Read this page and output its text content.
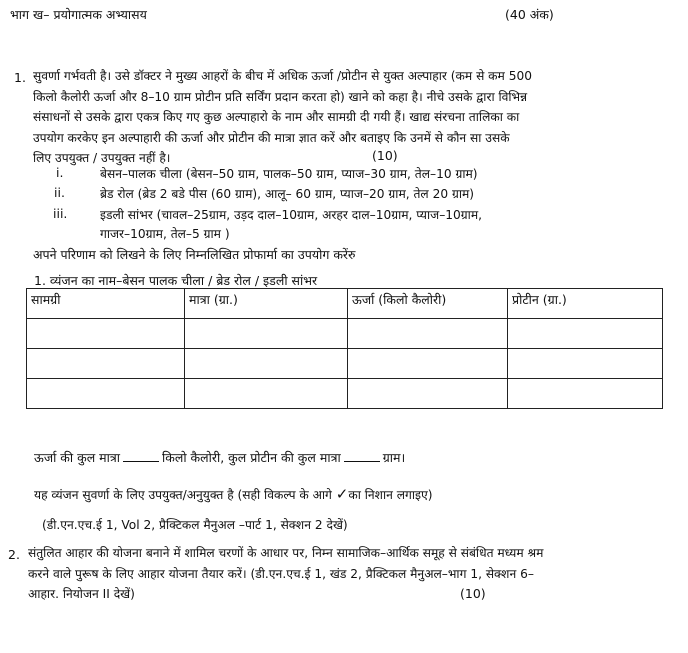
भाग ख– प्रयोगात्मक अभ्यासय	(40 अंक)
1. सुवर्णा गर्भवती है। उसे डॉक्टर ने मुख्य आहरों के बीच में अधिक ऊर्जा /प्रोटीन से युक्त अल्पाहार (कम से कम 500
किलो कैलोरी ऊर्जा और 8–10 ग्राम प्रोटीन प्रति सर्विंग प्रदान करता हो) खाने को कहा है। नीचे उसके द्वारा विभिन्न
संसाधनों से उसके द्वारा एकत्र किए गए कुछ अल्पाहारो के नाम और सामग्री दी गयी हैं। खाद्य संरचना तालिका का
उपयोग करकेए इन अल्पाहारी की ऊर्जा और प्रोटीन की मात्रा ज्ञात करें और बताइए कि उनमें से कौन सा उसके
लिए उपयुक्त / उपयुक्त नहीं है।	(10)
i.	बेसन–पालक चीला (बेसन–50 ग्राम, पालक–50 ग्राम, प्याज–30 ग्राम, तेल–10 ग्राम)
ii.	ब्रेड रोल (ब्रेड 2 बडे पीस (60 ग्राम), आलू– 60 ग्राम, प्याज–20 ग्राम, तेल 20 ग्राम)
iii.	इडली सांभर (चावल–25ग्राम, उड़द दाल–10ग्राम, अरहर दाल–10ग्राम, प्याज–10ग्राम,
गाजर–10ग्राम, तेल–5 ग्राम )
अपने परिणाम को लिखने के लिए निम्नलिखित प्रोफार्मा का उपयोग करेंरु
1. व्यंजन का नाम–बेसन पालक चीला / ब्रेड रोल / इडली सांभर
सामग्री	मात्रा (ग्रा.)	ऊर्जा (किलो कैलोरी)	प्रोटीन (ग्रा.)

ऊर्जा की कुल मात्रा	किलो कैलोरी, कुल प्रोटीन की कुल मात्रा	ग्राम।
यह व्यंजन सुवर्णा के लिए उपयुक्त/अनुयुक्त है (सही विकल्प के आगे ✓का निशान लगाइए)
(डी.एन.एच.ई 1, Vol 2, प्रैक्टिकल मैनुअल –पार्ट 1, सेक्शन 2 देखें)
2. संतुलित आहार की योजना बनाने में शामिल चरणों के आधार पर, निम्न सामाजिक–आर्थिक समूह से संबंधित मध्यम श्रम
करने वाले पुरूष के लिए आहार योजना तैयार करें। (डी.एन.एच.ई 1, खंड 2, प्रैक्टिकल मैनुअल–भाग 1, सेक्शन 6–
आहार. नियोजन II देखें)	(10)
